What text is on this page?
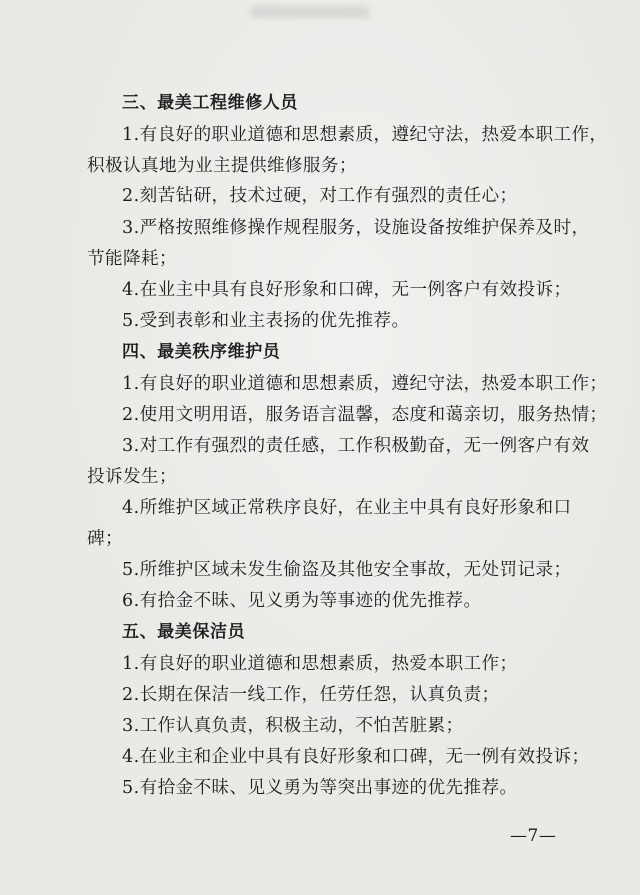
三、最美工程维修人员
1.有良好的职业道德和思想素质，遵纪守法，热爱本职工作，
积极认真地为业主提供维修服务；
2.刻苦钻研，技术过硬，对工作有强烈的责任心；
3.严格按照维修操作规程服务，设施设备按维护保养及时，
节能降耗；
4.在业主中具有良好形象和口碑，无一例客户有效投诉；
5.受到表彰和业主表扬的优先推荐。
四、最美秩序维护员
1.有良好的职业道德和思想素质，遵纪守法，热爱本职工作；
2.使用文明用语，服务语言温馨，态度和蔼亲切，服务热情；
3.对工作有强烈的责任感，工作积极勤奋，无一例客户有效
投诉发生；
4.所维护区域正常秩序良好，在业主中具有良好形象和口
碑；
5.所维护区域未发生偷盗及其他安全事故，无处罚记录；
6.有拾金不昧、见义勇为等事迹的优先推荐。
五、最美保洁员
1.有良好的职业道德和思想素质，热爱本职工作；
2.长期在保洁一线工作，任劳任怨，认真负责；
3.工作认真负责，积极主动，不怕苦脏累；
4.在业主和企业中具有良好形象和口碑，无一例有效投诉；
5.有拾金不昧、见义勇为等突出事迹的优先推荐。
—7—
